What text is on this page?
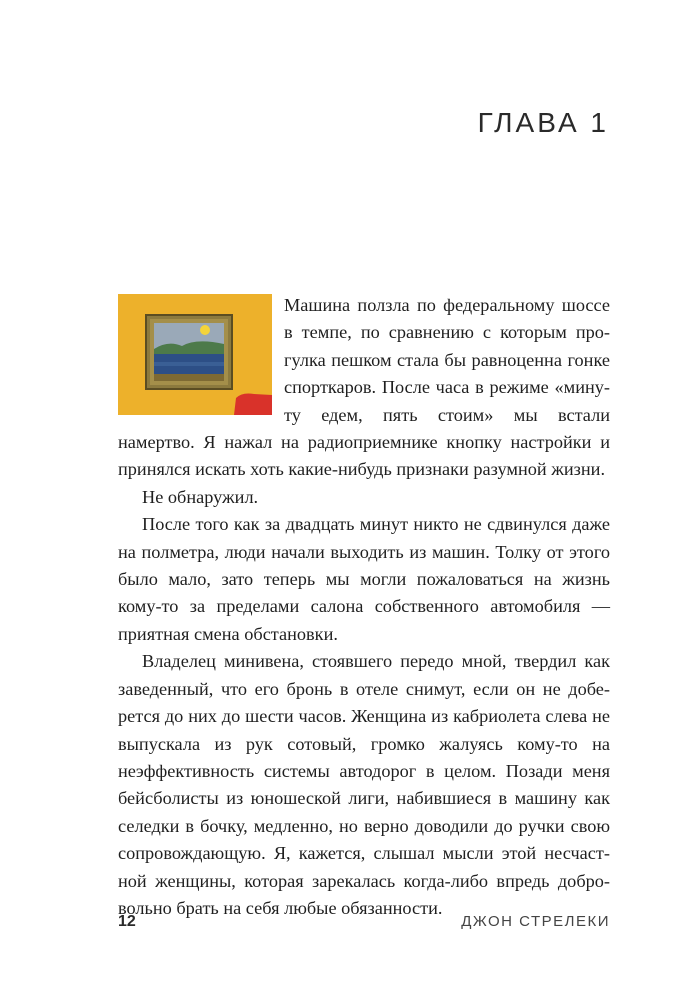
ГЛАВА 1

Машина ползла по федеральному шоссе в темпе, по сравнению с которым прогулка пешком стала бы равноценна гонке спорткаров. После часа в режиме «минуту едем, пять стоим» мы встали намертво. Я нажал на радиоприемнике кнопку настройки и принялся искать хоть какие-нибудь признаки разумной жизни.

Не обнаружил.

После того как за двадцать минут никто не сдвинулся даже на полметра, люди начали выходить из машин. Толку от этого было мало, зато теперь мы могли пожаловаться на жизнь кому-то за пределами салона собственного автомобиля — приятная смена обстановки.

Владелец минивена, стоявшего передо мной, твердил как заведенный, что его бронь в отеле снимут, если он не доберется до них до шести часов. Женщина из кабриолета слева не выпускала из рук сотовый, громко жалуясь кому-то на неэффективность системы автодорог в целом. Позади меня бейсболисты из юношеской лиги, набившиеся в машину как селедки в бочку, медленно, но верно доводили до ручки свою сопровождающую. Я, кажется, слышал мысли этой несчастной женщины, которая зарекалась когда-либо впредь добровольно брать на себя любые обязанности.

12	ДЖОН СТРЕЛЕКИ
